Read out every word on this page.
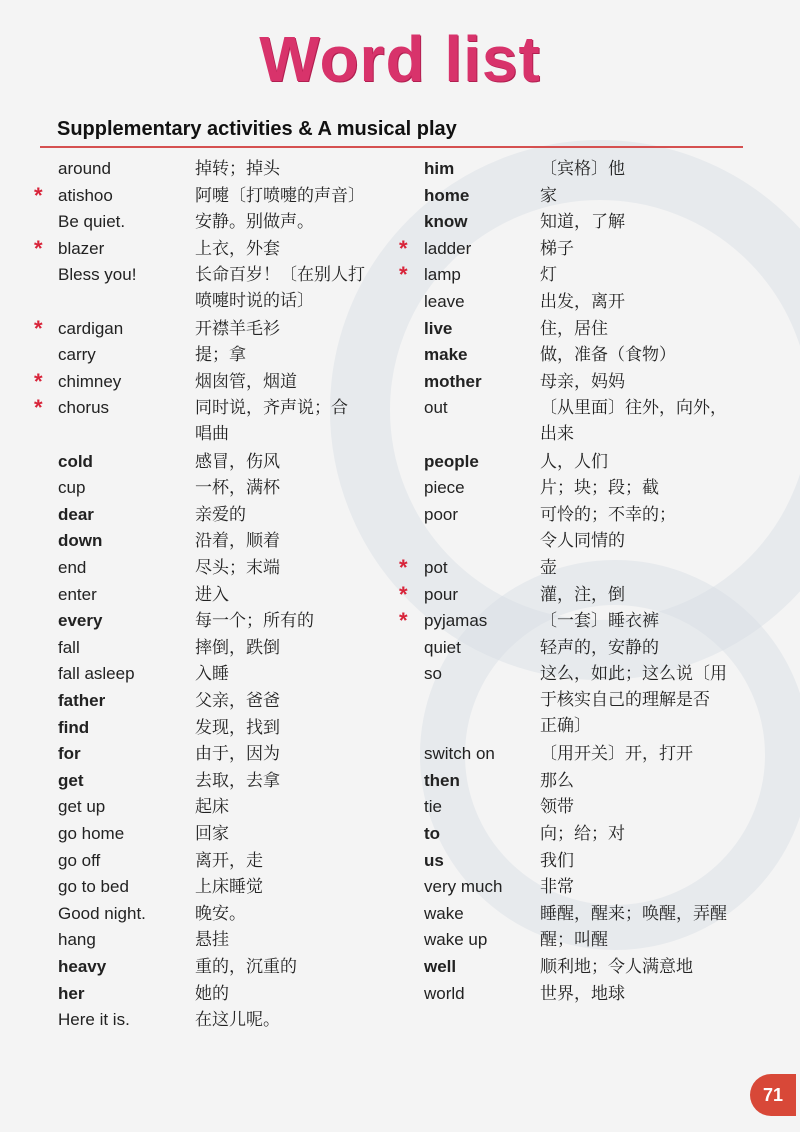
Word list
Supplementary activities & A musical play
around	掉转；掉头
* atishoo	阿嚏〔打喷嚏的声音〕
Be quiet.	安静。别做声。
* blazer	上衣，外套
Bless you!	长命百岁！〔在别人打
喷嚏时说的话〕
* cardigan	开襟羊毛衫
carry	提；拿
* chimney	烟囱管，烟道
* chorus	同时说，齐声说；合
唱曲
cold	感冒，伤风
cup	一杯，满杯
dear	亲爱的
down	沿着，顺着
end	尽头；末端
enter	进入
every	每一个；所有的
fall	摔倒，跌倒
fall asleep	入睡
father	父亲，爸爸
find	发现，找到
for	由于，因为
get	去取，去拿
get up	起床
go home	回家
go off	离开，走
go to bed	上床睡觉
Good night.	晚安。
hang	悬挂
heavy	重的，沉重的
her	她的
Here it is.	在这儿呢。
him	〔宾格〕他
home	家
know	知道，了解
* ladder	梯子
* lamp	灯
leave	出发，离开
live	住，居住
make	做，准备（食物）
mother	母亲，妈妈
out	〔从里面〕往外，向外，
出来
people	人，人们
piece	片；块；段；截
poor	可怜的；不幸的；
令人同情的
* pot	壶
* pour	灌，注，倒
* pyjamas	〔一套〕睡衣裤
quiet	轻声的，安静的
so	这么，如此；这么说〔用
于核实自己的理解是否
正确〕
switch on	〔用开关〕开，打开
then	那么
tie	领带
to	向；给；对
us	我们
very much 非常
wake	睡醒，醒来；唤醒，弄醒
wake up	醒；叫醒
well	顺利地；令人满意地
world	世界，地球
71
